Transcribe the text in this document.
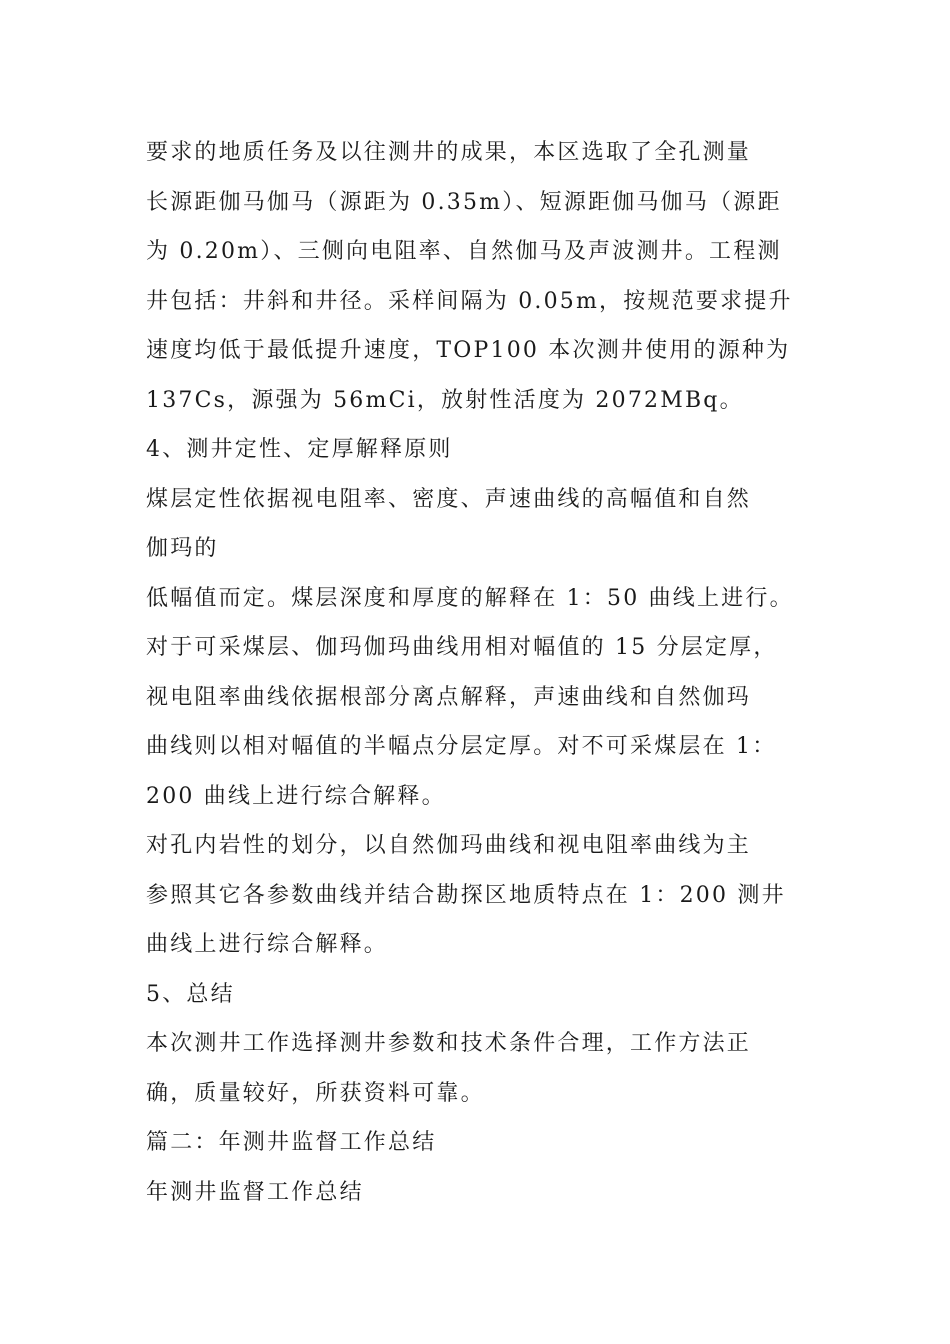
要求的地质任务及以往测井的成果，本区选取了全孔测量

长源距伽马伽马（源距为 0.35m）、短源距伽马伽马（源距

为 0.20m）、三侧向电阻率、自然伽马及声波测井。工程测

井包括：井斜和井径。采样间隔为 0.05m，按规范要求提升

速度均低于最低提升速度，TOP100 本次测井使用的源种为

137Cs，源强为 56mCi，放射性活度为 2072MBq。

4、测井定性、定厚解释原则

煤层定性依据视电阻率、密度、声速曲线的高幅值和自然

伽玛的

低幅值而定。煤层深度和厚度的解释在 1：50 曲线上进行。

对于可采煤层、伽玛伽玛曲线用相对幅值的 15 分层定厚，

视电阻率曲线依据根部分离点解释，声速曲线和自然伽玛

曲线则以相对幅值的半幅点分层定厚。对不可采煤层在 1：

200 曲线上进行综合解释。

对孔内岩性的划分，以自然伽玛曲线和视电阻率曲线为主

参照其它各参数曲线并结合勘探区地质特点在 1：200 测井

曲线上进行综合解释。

5、总结

本次测井工作选择测井参数和技术条件合理，工作方法正

确，质量较好，所获资料可靠。

篇二：年测井监督工作总结

年测井监督工作总结
